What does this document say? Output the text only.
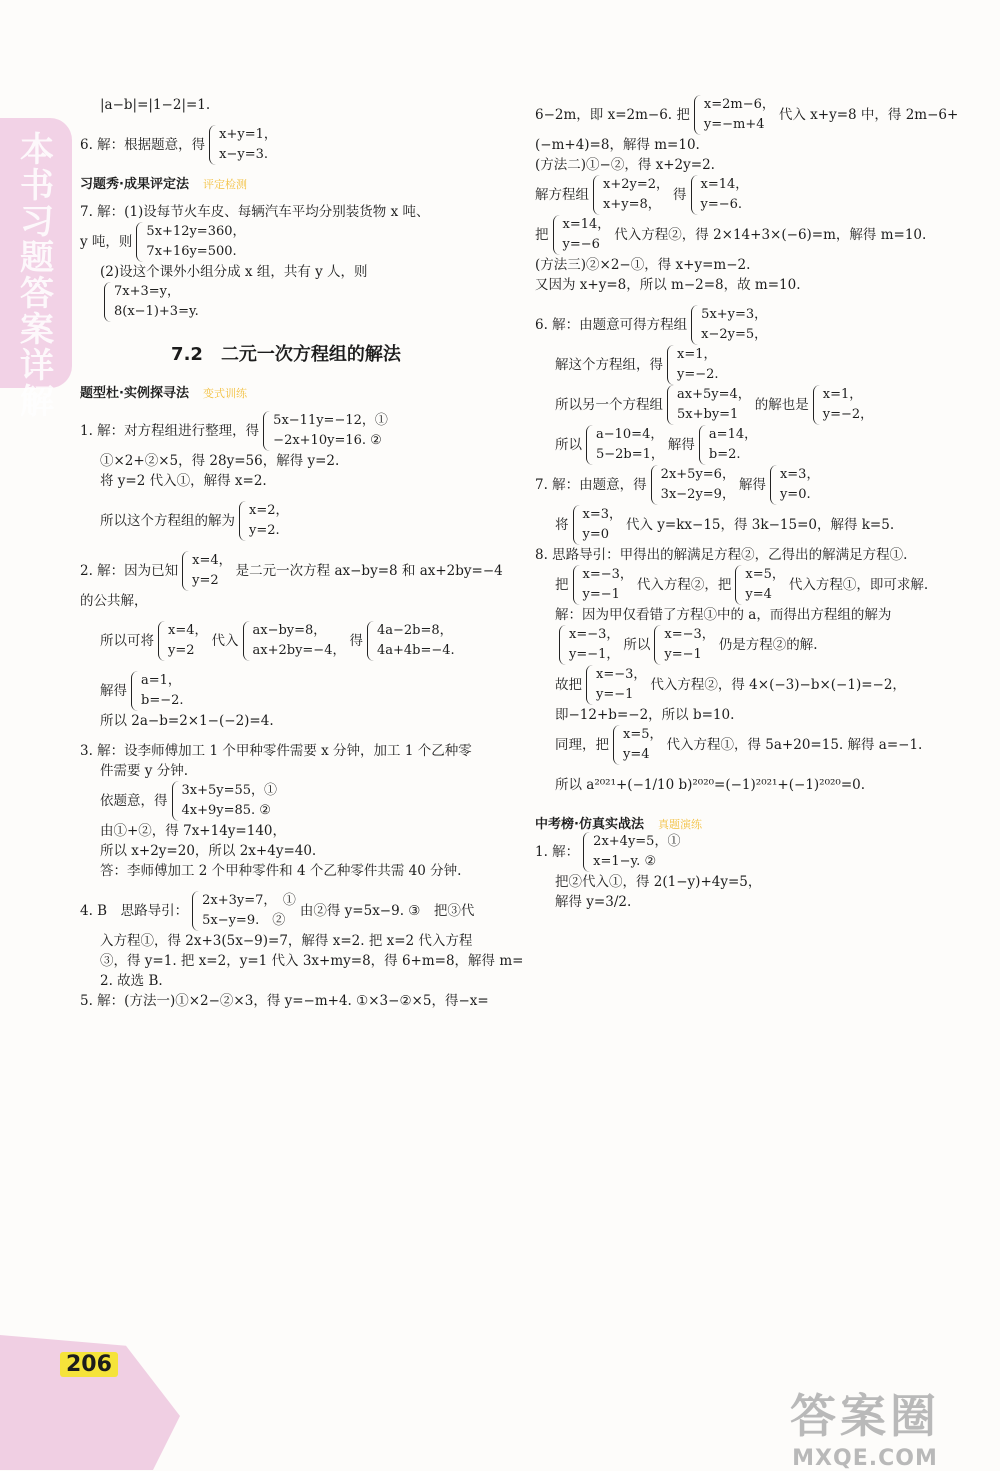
本书习题答案详解
206
答案圈
MXQE.COM
|a−b|=|1−2|=1.
6. 解：根据题意，得
x+y=1，
x−y=3.
习题秀·成果评定法 评定检测
7. 解：(1)设每节火车皮、每辆汽车平均分别装货物 x 吨、
y 吨，则
5x+12y=360，
7x+16y=500.
(2)设这个课外小组分成 x 组，共有 y 人，则
7x+3=y，
8(x−1)+3=y.
7.2 二元一次方程组的解法
题型杜·实例探寻法 变式训练
1. 解：对方程组进行整理，得
5x−11y=−12，①
−2x+10y=16. ②
①×2+②×5，得 28y=56，解得 y=2.
将 y=2 代入①，解得 x=2.
所以这个方程组的解为
x=2，
y=2.
2. 解：因为已知
x=4，
y=2
是二元一次方程 ax−by=8 和 ax+2by=−4
的公共解，
所以可将
x=4，
y=2
代入
ax−by=8，
ax+2by=−4，
得
4a−2b=8，
4a+4b=−4.
解得
a=1，
b=−2.
所以 2a−b=2×1−(−2)=4.
3. 解：设李师傅加工 1 个甲种零件需要 x 分钟，加工 1 个乙种零
件需要 y 分钟.
依题意，得
3x+5y=55，①
4x+9y=85. ②
由①+②，得 7x+14y=140，
所以 x+2y=20，所以 2x+4y=40.
答：李师傅加工 2 个甲种零件和 4 个乙种零件共需 40 分钟.
4. B　思路导引：
2x+3y=7，　①
5x−y=9.　②
由②得 y=5x−9. ③　把③代
入方程①，得 2x+3(5x−9)=7，解得 x=2. 把 x=2 代入方程
③，得 y=1. 把 x=2，y=1 代入 3x+my=8，得 6+m=8，解得 m=
2. 故选 B.
5. 解：(方法一)①×2−②×3，得 y=−m+4. ①×3−②×5，得−x=
6−2m，即 x=2m−6. 把
x=2m−6，
y=−m+4
代入 x+y=8 中，得 2m−6+
(−m+4)=8，解得 m=10.
(方法二)①−②，得 x+2y=2.
解方程组
x+2y=2，
x+y=8，
得
x=14，
y=−6.
把
x=14，
y=−6
代入方程②，得 2×14+3×(−6)=m，解得 m=10.
(方法三)②×2−①，得 x+y=m−2.
又因为 x+y=8，所以 m−2=8，故 m=10.
6. 解：由题意可得方程组
5x+y=3，
x−2y=5，
解这个方程组，得
x=1，
y=−2.
所以另一个方程组
ax+5y=4，
5x+by=1
的解也是
x=1，
y=−2，
所以
a−10=4，
5−2b=1，
解得
a=14，
b=2.
7. 解：由题意，得
2x+5y=6，
3x−2y=9，
解得
x=3，
y=0.
将
x=3，
y=0
代入 y=kx−15，得 3k−15=0，解得 k=5.
8. 思路导引：甲得出的解满足方程②，乙得出的解满足方程①.
把
x=−3，
y=−1
代入方程②，把
x=5，
y=4
代入方程①，即可求解.
解：因为甲仅看错了方程①中的 a，而得出方程组的解为
x=−3，
y=−1，
所以
x=−3，
y=−1
仍是方程②的解.
故把
x=−3，
y=−1
代入方程②，得 4×(−3)−b×(−1)=−2，
即−12+b=−2，所以 b=10.
同理，把
x=5，
y=4
代入方程①，得 5a+20=15. 解得 a=−1.
所以 a²⁰²¹+(−1/10 b)²⁰²⁰=(−1)²⁰²¹+(−1)²⁰²⁰=0.
中考榜·仿真实战法 真题演练
1. 解：
2x+4y=5，①
x=1−y. ②
把②代入①，得 2(1−y)+4y=5，
解得 y=3/2.
